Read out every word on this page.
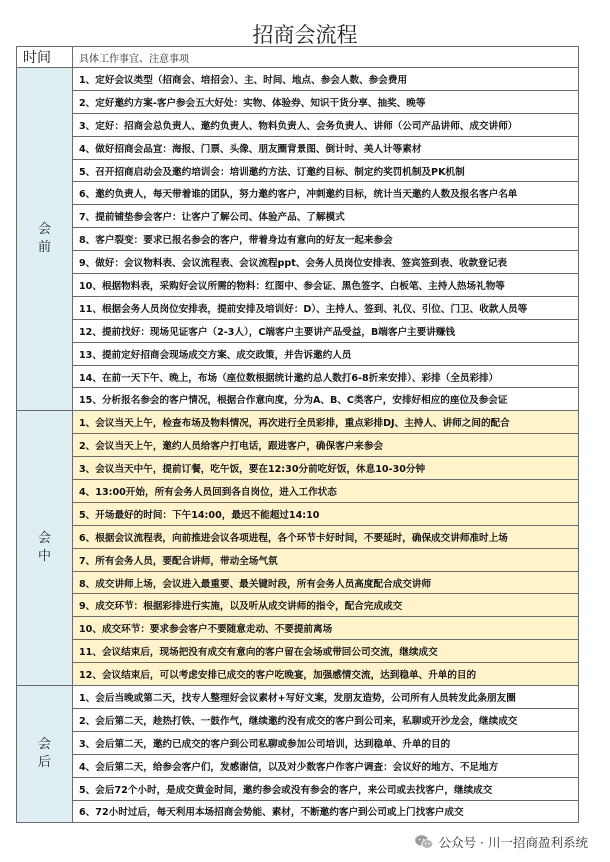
招商会流程
时间	具体工作事宜、注意事项
会前	1、定好会议类型（招商会、培招会）、主、时间、地点、参会人数、参会费用
	2、定好邀约方案-客户参会五大好处：实物、体验券、知识干货分享、抽奖、晚等
	3、定好：招商会总负责人、邀约负责人、物料负责人、会务负责人、讲师（公司产品讲师、成交讲师）
	4、做好招商会品宣：海报、门票、头像、朋友圈背景图、倒计时、美人计等素材
	5、召开招商启动会及邀约培训会：培训邀约方法、订邀约目标、制定约奖罚机制及PK机制
	6、邀约负责人，每天带着谁的团队，努力邀约客户，冲刺邀约目标，统计当天邀约人数及报名客户名单
	7、提前铺垫参会客户：让客户了解公司、体验产品、了解模式
	8、客户裂变：要求已报名参会的客户，带着身边有意向的好友一起来参会
	9、做好：会议物料表、会议流程表、会议流程ppt、会务人员岗位安排表、签宾签到表、收款登记表
	10、根据物料表，采购好会议所需的物料：红图中、参会证、黑色签字、白板笔、主持人热场礼物等
	11、根据会务人员岗位安排表，提前安排及培训好：D）、主持人、签到、礼仪、引位、门卫、收款人员等
	12、提前找好：现场见证客户（2-3人），C端客户主要讲产品受益，B端客户主要讲赚钱
	13、提前定好招商会现场成交方案、成交政策，并告诉邀约人员
	14、在前一天下午、晚上，布场（座位数根据统计邀约总人数打6-8折来安排）、彩排（全员彩排）
	15、分析报名参会的客户情况，根据合作意向度，分为A、B、C类客户，安排好相应的座位及参会证
会中	1、会议当天上午，检查布场及物料情况，再次进行全员彩排，重点彩排DJ、主持人、讲师之间的配合
	2、会议当天上午，邀约人员给客户打电话，跟进客户，确保客户来参会
	3、会议当天中午，提前订餐，吃午饭，要在12:30分前吃好饭，休息10-30分钟
	4、13:00开始，所有会务人员回到各自岗位，进入工作状态
	5、开场最好的时间：下午14:00，最迟不能超过14:10
	6、根据会议流程表，向前推进会议各项进程，各个环节卡好时间，不要延时，确保成交讲师准时上场
	7、所有会务人员，要配合讲师，带动全场气氛
	8、成交讲师上场，会议进入最重要、最关键时段，所有会务人员高度配合成交讲师
	9、成交环节：根据彩排进行实施，以及听从成交讲师的指令，配合完成成交
	10、成交环节：要求参会客户不要随意走动、不要提前离场
	11、会议结束后，现场把没有成交有意向的客户留在会场或带回公司交流，继续成交
	12、会议结束后，可以考虑安排已成交的客户吃晚宴，加强感情交流，达到稳单、升单的目的
会后	1、会后当晚或第二天，找专人整理好会议素材+写好文案，发朋友造势，公司所有人员转发此条朋友圈
	2、会后第二天，趁热打铁、一鼓作气，继续邀约没有成交的客户到公司来，私聊或开沙龙会，继续成交
	3、会后第二天，邀约已成交的客户到公司私聊或参加公司培训，达到稳单、升单的目的
	4、会后第二天，给参会客户们，发感谢信，以及对少数客户作客户调查：会议好的地方、不足地方
	5、会后72个小时，是成交黄金时间，邀约参会或没有参会的客户，来公司或去找客户，继续成交
	6、72小时过后，每天利用本场招商会势能、素材，不断邀约客户到公司或上门找客户成交
公众号 · 川一招商盈利系统
